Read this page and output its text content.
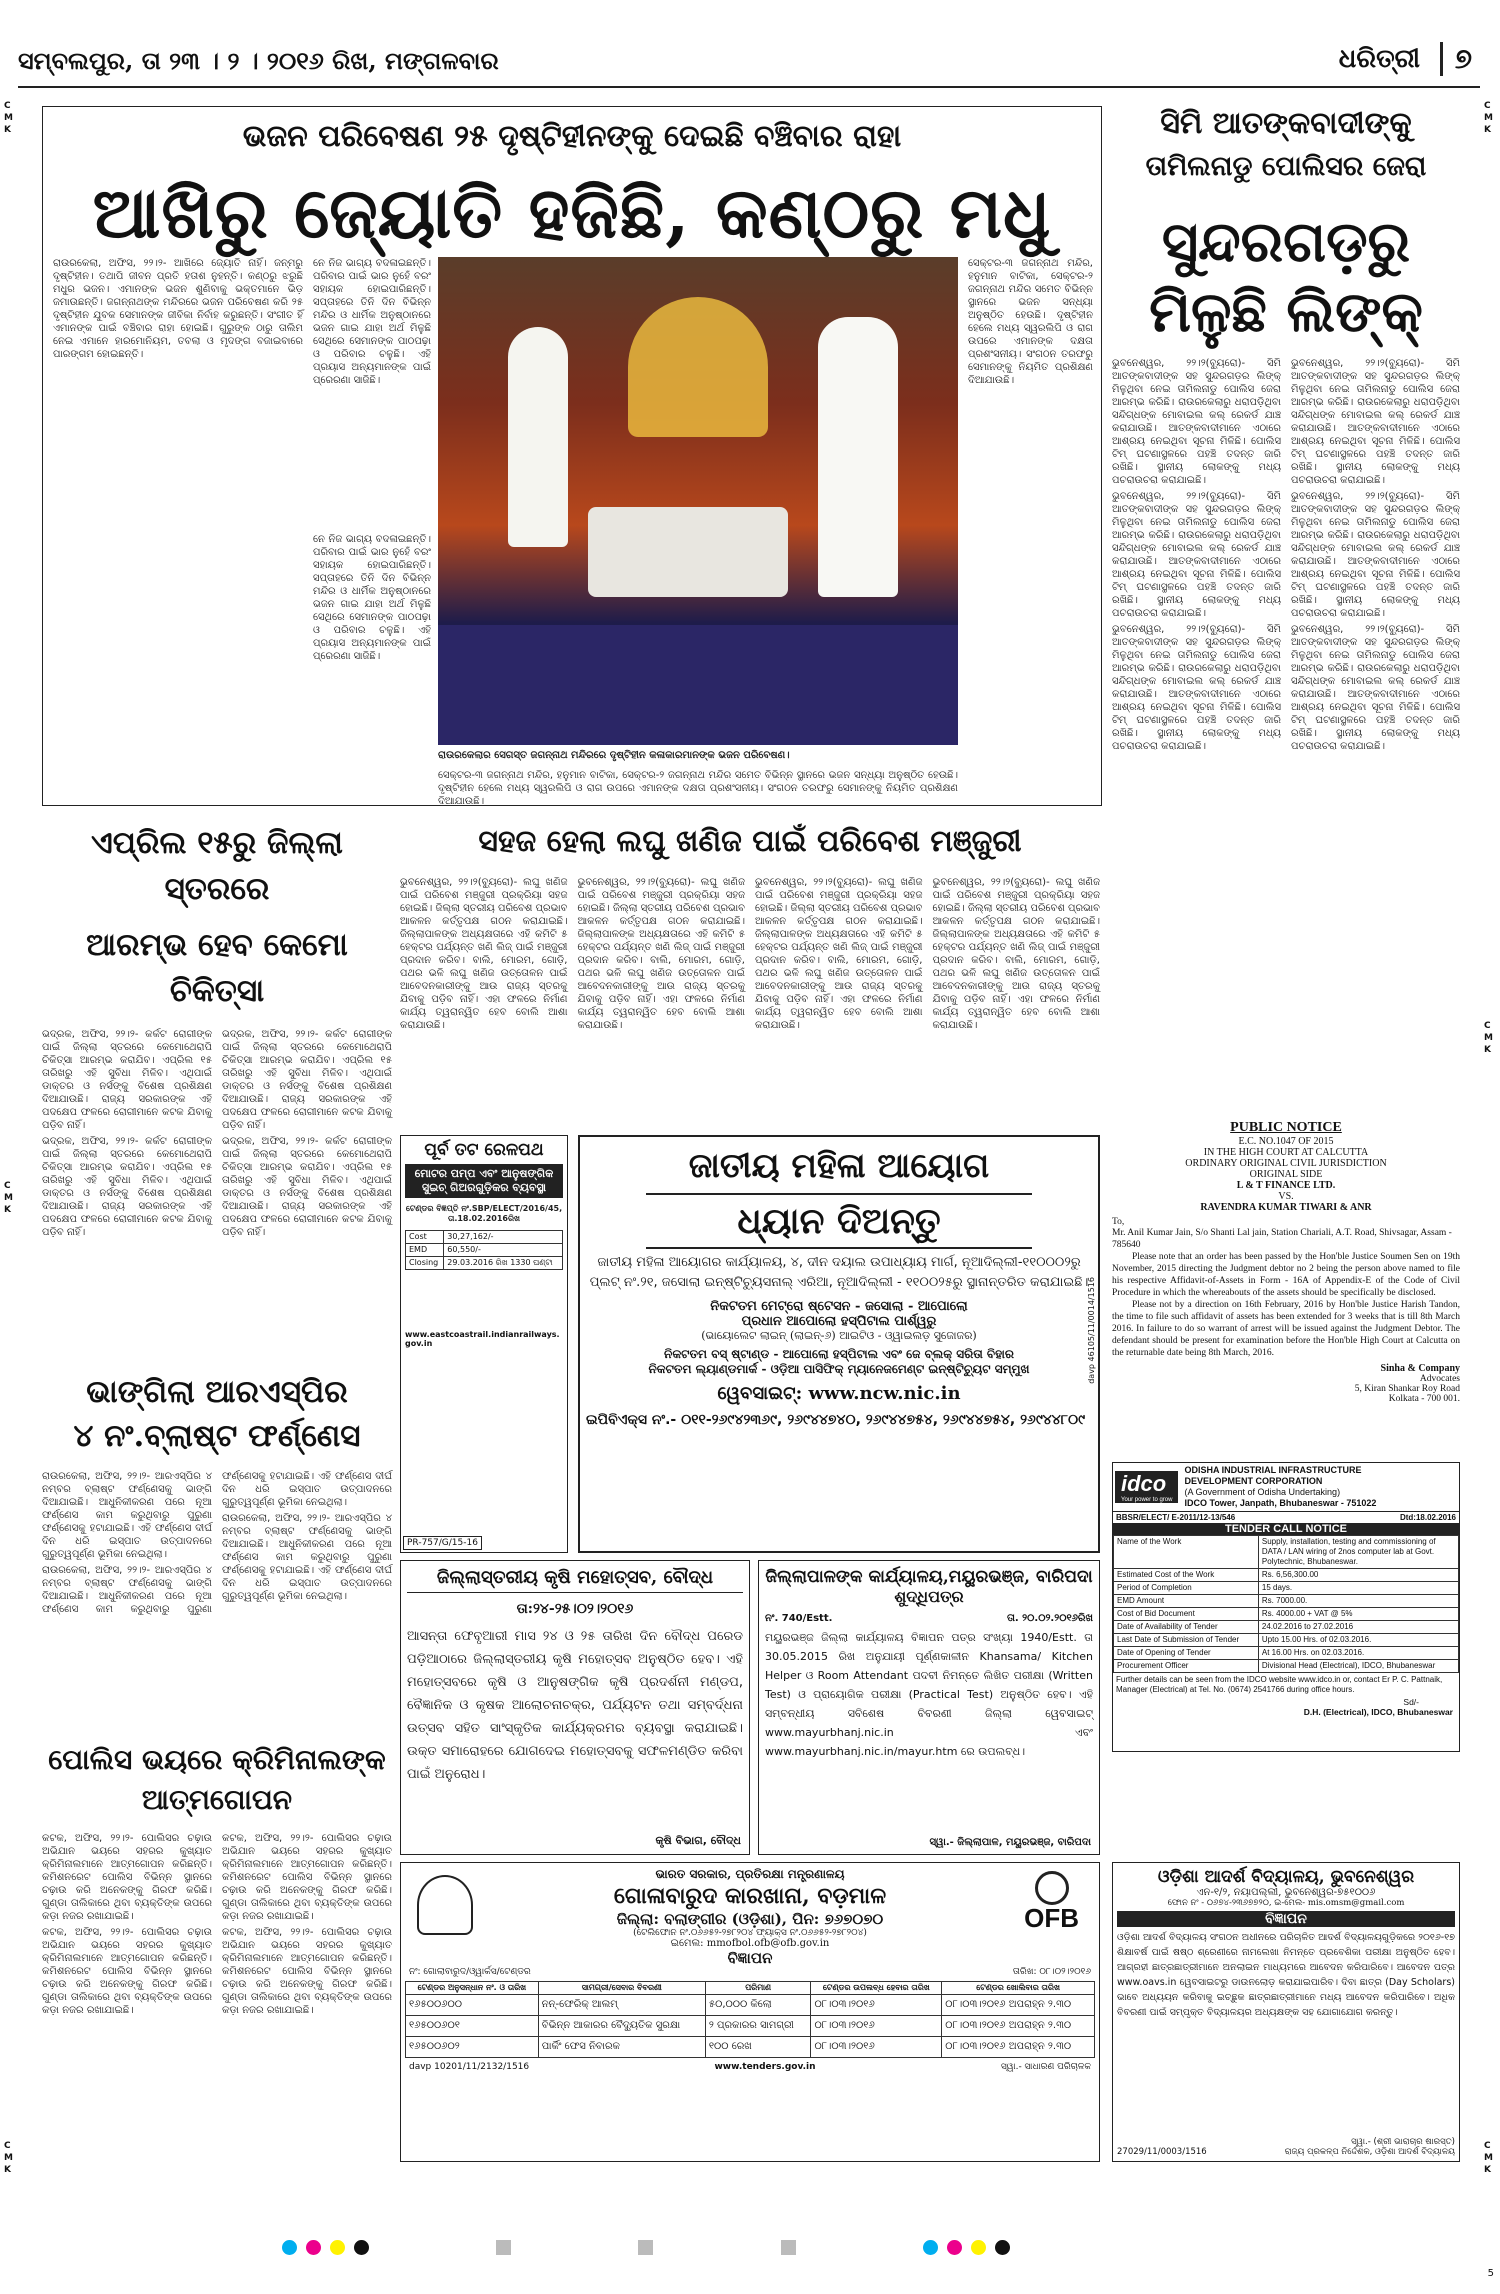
ସମ୍ବଲପୁର, ତା ୨୩ । ୨ । ୨୦୧୬ ରିଖ, ମଙ୍ଗଳବାର	ଧରିତ୍ରୀ	୭
ଭଜନ ପରିବେଷଣ ୨୫ ଦୃଷ୍ଟିହୀନଙ୍କୁ ଦେଇଛି ବଞ୍ଚିବାର ରାହା
ଆଖିରୁ ଜ୍ୟୋତି ହଜିଛି, କଣ୍ଠରୁ ମଧୁ

ରାଉରକେଲା, ଅଫିସ, ୨୨।୨- ଆଖିରେ ଜ୍ୟୋତି ନାହିଁ। ଜନ୍ମରୁ ଦୃଷ୍ଟିହୀନ। ତଥାପି ଜୀବନ ପ୍ରତି ହତାଶ ନୁହନ୍ତି। କଣ୍ଠରୁ ଝରୁଛି ମଧୁର ଭଜନ। ଏମାନଙ୍କ ଭଜନ ଶୁଣିବାକୁ ଭକ୍ତମାନେ ଭିଡ଼ ଜମାଉଛନ୍ତି। ଜଗନ୍ନାଥଙ୍କ ମନ୍ଦିରରେ ଭଜନ ପରିବେଷଣ କରି ୨୫ ଦୃଷ୍ଟିହୀନ ଯୁବକ ସେମାନଙ୍କ ଜୀବିକା ନିର୍ବାହ କରୁଛନ୍ତି। ସଂଗୀତ ହିଁ ଏମାନଙ୍କ ପାଇଁ ବଞ୍ଚିବାର ରାହା ହୋଇଛି। ଗୁରୁଙ୍କ ଠାରୁ ତାଲିମ ନେଇ ଏମାନେ ହାରମୋନିୟମ, ତବଲା ଓ ମୃଦଙ୍ଗ ବଜାଇବାରେ ପାରଙ୍ଗମ ହୋଇଛନ୍ତି।

ନେ ନିଜ ଭାଗ୍ୟ ବଦଳାଇଛନ୍ତି। ପରିବାର ପାଇଁ ଭାର ନୁହେଁ ବରଂ ସହାୟକ ହୋଇପାରିଛନ୍ତି। ସପ୍ତାହରେ ତିନି ଦିନ ବିଭିନ୍ନ ମନ୍ଦିର ଓ ଧାର୍ମିକ ଅନୁଷ୍ଠାନରେ ଭଜନ ଗାଇ ଯାହା ଅର୍ଥ ମିଳୁଛି ସେଥିରେ ସେମାନଙ୍କ ପାଠପଢ଼ା ଓ ପରିବାର ଚଳୁଛି। ଏହି ପ୍ରୟାସ ଅନ୍ୟମାନଙ୍କ ପାଇଁ ପ୍ରେରଣା ସାଜିଛି।

ରାଉରକେଲାର ସେଗସ୍ତ ଜଗନ୍ନାଥ ମନ୍ଦିରରେ ଦୃଷ୍ଟିହୀନ କଳାକାରମାନଙ୍କ ଭଜନ ପରିବେଷଣ।

ନେ ନିଜ ଭାଗ୍ୟ ବଦଳାଇଛନ୍ତି। ପରିବାର ପାଇଁ ଭାର ନୁହେଁ ବରଂ ସହାୟକ ହୋଇପାରିଛନ୍ତି। ସପ୍ତାହରେ ତିନି ଦିନ ବିଭିନ୍ନ ମନ୍ଦିର ଓ ଧାର୍ମିକ ଅନୁଷ୍ଠାନରେ ଭଜନ ଗାଇ ଯାହା ଅର୍ଥ ମିଳୁଛି ସେଥିରେ ସେମାନଙ୍କ ପାଠପଢ଼ା ଓ ପରିବାର ଚଳୁଛି। ଏହି ପ୍ରୟାସ ଅନ୍ୟମାନଙ୍କ ପାଇଁ ପ୍ରେରଣା ସାଜିଛି।

ସେକ୍ଟର-୩ ଜଗନ୍ନାଥ ମନ୍ଦିର, ହନୁମାନ ବାଟିକା, ସେକ୍ଟର-୨ ଜଗନ୍ନାଥ ମନ୍ଦିର ସମେତ ବିଭିନ୍ନ ସ୍ଥାନରେ ଭଜନ ସନ୍ଧ୍ୟା ଅନୁଷ୍ଠିତ ହେଉଛି। ଦୃଷ୍ଟିହୀନ ହେଲେ ମଧ୍ୟ ସ୍ୱରଲିପି ଓ ରାଗ ଉପରେ ଏମାନଙ୍କ ଦକ୍ଷତା ପ୍ରଶଂସନୀୟ। ସଂଗଠନ ତରଫରୁ ସେମାନଙ୍କୁ ନିୟମିତ ପ୍ରଶିକ୍ଷଣ ଦିଆଯାଉଛି।

ସେକ୍ଟର-୩ ଜଗନ୍ନାଥ ମନ୍ଦିର, ହନୁମାନ ବାଟିକା, ସେକ୍ଟର-୨ ଜଗନ୍ନାଥ ମନ୍ଦିର ସମେତ ବିଭିନ୍ନ ସ୍ଥାନରେ ଭଜନ ସନ୍ଧ୍ୟା ଅନୁଷ୍ଠିତ ହେଉଛି। ଦୃଷ୍ଟିହୀନ ହେଲେ ମଧ୍ୟ ସ୍ୱରଲିପି ଓ ରାଗ ଉପରେ ଏମାନଙ୍କ ଦକ୍ଷତା ପ୍ରଶଂସନୀୟ। ସଂଗଠନ ତରଫରୁ ସେମାନଙ୍କୁ ନିୟମିତ ପ୍ରଶିକ୍ଷଣ ଦିଆଯାଉଛି।

ସିମି ଆତଙ୍କବାଦୀଙ୍କୁ
ତାମିଲନାଡୁ ପୋଲିସର ଜେରା
ସୁନ୍ଦରଗଡ଼ରୁ
ମିଳୁଛି ଲିଙ୍କ୍

ଭୁବନେଶ୍ୱର, ୨୨।୨(ବ୍ୟୁରୋ)- ସିମି ଆତଙ୍କବାଦୀଙ୍କ ସହ ସୁନ୍ଦରଗଡ଼ର ଲିଙ୍କ୍ ମିଳୁଥିବା ନେଇ ତାମିଲନାଡୁ ପୋଲିସ ଜେରା ଆରମ୍ଭ କରିଛି। ରାଉରକେଲାରୁ ଧରାପଡ଼ିଥିବା ସନ୍ଦିଗ୍ଧଙ୍କ ମୋବାଇଲ କଲ୍ ରେକର୍ଡ ଯାଞ୍ଚ କରାଯାଉଛି। ଆତଙ୍କବାଦୀମାନେ ଏଠାରେ ଆଶ୍ରୟ ନେଇଥିବା ସୂଚନା ମିଳିଛି। ପୋଲିସ ଟିମ୍ ଘଟଣାସ୍ଥଳରେ ପହଞ୍ଚି ତଦନ୍ତ ଜାରି ରଖିଛି। ସ୍ଥାନୀୟ ଲୋକଙ୍କୁ ମଧ୍ୟ ପଚରାଉଚରା କରାଯାଇଛି।

ଭୁବନେଶ୍ୱର, ୨୨।୨(ବ୍ୟୁରୋ)- ସିମି ଆତଙ୍କବାଦୀଙ୍କ ସହ ସୁନ୍ଦରଗଡ଼ର ଲିଙ୍କ୍ ମିଳୁଥିବା ନେଇ ତାମିଲନାଡୁ ପୋଲିସ ଜେରା ଆରମ୍ଭ କରିଛି। ରାଉରକେଲାରୁ ଧରାପଡ଼ିଥିବା ସନ୍ଦିଗ୍ଧଙ୍କ ମୋବାଇଲ କଲ୍ ରେକର୍ଡ ଯାଞ୍ଚ କରାଯାଉଛି। ଆତଙ୍କବାଦୀମାନେ ଏଠାରେ ଆଶ୍ରୟ ନେଇଥିବା ସୂଚନା ମିଳିଛି। ପୋଲିସ ଟିମ୍ ଘଟଣାସ୍ଥଳରେ ପହଞ୍ଚି ତଦନ୍ତ ଜାରି ରଖିଛି। ସ୍ଥାନୀୟ ଲୋକଙ୍କୁ ମଧ୍ୟ ପଚରାଉଚରା କରାଯାଇଛି।

ଭୁବନେଶ୍ୱର, ୨୨।୨(ବ୍ୟୁରୋ)- ସିମି ଆତଙ୍କବାଦୀଙ୍କ ସହ ସୁନ୍ଦରଗଡ଼ର ଲିଙ୍କ୍ ମିଳୁଥିବା ନେଇ ତାମିଲନାଡୁ ପୋଲିସ ଜେରା ଆରମ୍ଭ କରିଛି। ରାଉରକେଲାରୁ ଧରାପଡ଼ିଥିବା ସନ୍ଦିଗ୍ଧଙ୍କ ମୋବାଇଲ କଲ୍ ରେକର୍ଡ ଯାଞ୍ଚ କରାଯାଉଛି। ଆତଙ୍କବାଦୀମାନେ ଏଠାରେ ଆଶ୍ରୟ ନେଇଥିବା ସୂଚନା ମିଳିଛି। ପୋଲିସ ଟିମ୍ ଘଟଣାସ୍ଥଳରେ ପହଞ୍ଚି ତଦନ୍ତ ଜାରି ରଖିଛି। ସ୍ଥାନୀୟ ଲୋକଙ୍କୁ ମଧ୍ୟ ପଚରାଉଚରା କରାଯାଇଛି।

ଭୁବନେଶ୍ୱର, ୨୨।୨(ବ୍ୟୁରୋ)- ସିମି ଆତଙ୍କବାଦୀଙ୍କ ସହ ସୁନ୍ଦରଗଡ଼ର ଲିଙ୍କ୍ ମିଳୁଥିବା ନେଇ ତାମିଲନାଡୁ ପୋଲିସ ଜେରା ଆରମ୍ଭ କରିଛି। ରାଉରକେଲାରୁ ଧରାପଡ଼ିଥିବା ସନ୍ଦିଗ୍ଧଙ୍କ ମୋବାଇଲ କଲ୍ ରେକର୍ଡ ଯାଞ୍ଚ କରାଯାଉଛି। ଆତଙ୍କବାଦୀମାନେ ଏଠାରେ ଆଶ୍ରୟ ନେଇଥିବା ସୂଚନା ମିଳିଛି। ପୋଲିସ ଟିମ୍ ଘଟଣାସ୍ଥଳରେ ପହଞ୍ଚି ତଦନ୍ତ ଜାରି ରଖିଛି। ସ୍ଥାନୀୟ ଲୋକଙ୍କୁ ମଧ୍ୟ ପଚରାଉଚରା କରାଯାଇଛି।

ଭୁବନେଶ୍ୱର, ୨୨।୨(ବ୍ୟୁରୋ)- ସିମି ଆତଙ୍କବାଦୀଙ୍କ ସହ ସୁନ୍ଦରଗଡ଼ର ଲିଙ୍କ୍ ମିଳୁଥିବା ନେଇ ତାମିଲନାଡୁ ପୋଲିସ ଜେରା ଆରମ୍ଭ କରିଛି। ରାଉରକେଲାରୁ ଧରାପଡ଼ିଥିବା ସନ୍ଦିଗ୍ଧଙ୍କ ମୋବାଇଲ କଲ୍ ରେକର୍ଡ ଯାଞ୍ଚ କରାଯାଉଛି। ଆତଙ୍କବାଦୀମାନେ ଏଠାରେ ଆଶ୍ରୟ ନେଇଥିବା ସୂଚନା ମିଳିଛି। ପୋଲିସ ଟିମ୍ ଘଟଣାସ୍ଥଳରେ ପହଞ୍ଚି ତଦନ୍ତ ଜାରି ରଖିଛି। ସ୍ଥାନୀୟ ଲୋକଙ୍କୁ ମଧ୍ୟ ପଚରାଉଚରା କରାଯାଇଛି।

ଭୁବନେଶ୍ୱର, ୨୨।୨(ବ୍ୟୁରୋ)- ସିମି ଆତଙ୍କବାଦୀଙ୍କ ସହ ସୁନ୍ଦରଗଡ଼ର ଲିଙ୍କ୍ ମିଳୁଥିବା ନେଇ ତାମିଲନାଡୁ ପୋଲିସ ଜେରା ଆରମ୍ଭ କରିଛି। ରାଉରକେଲାରୁ ଧରାପଡ଼ିଥିବା ସନ୍ଦିଗ୍ଧଙ୍କ ମୋବାଇଲ କଲ୍ ରେକର୍ଡ ଯାଞ୍ଚ କରାଯାଉଛି। ଆତଙ୍କବାଦୀମାନେ ଏଠାରେ ଆଶ୍ରୟ ନେଇଥିବା ସୂଚନା ମିଳିଛି। ପୋଲିସ ଟିମ୍ ଘଟଣାସ୍ଥଳରେ ପହଞ୍ଚି ତଦନ୍ତ ଜାରି ରଖିଛି। ସ୍ଥାନୀୟ ଲୋକଙ୍କୁ ମଧ୍ୟ ପଚରାଉଚରା କରାଯାଇଛି।

ଏପ୍ରିଲ ୧୫ରୁ ଜିଲ୍ଲା ସ୍ତରରେ
ଆରମ୍ଭ ହେବ କେମୋ ଚିକିତ୍ସା

ଭଦ୍ରକ, ଅଫିସ, ୨୨।୨- କର୍କଟ ରୋଗୀଙ୍କ ପାଇଁ ଜିଲ୍ଲା ସ୍ତରରେ କେମୋଥେରାପି ଚିକିତ୍ସା ଆରମ୍ଭ କରାଯିବ। ଏପ୍ରିଲ ୧୫ ତାରିଖରୁ ଏହି ସୁବିଧା ମିଳିବ। ଏଥିପାଇଁ ଡାକ୍ତର ଓ ନର୍ସଙ୍କୁ ବିଶେଷ ପ୍ରଶିକ୍ଷଣ ଦିଆଯାଉଛି। ରାଜ୍ୟ ସରକାରଙ୍କ ଏହି ପଦକ୍ଷେପ ଫଳରେ ରୋଗୀମାନେ କଟକ ଯିବାକୁ ପଡ଼ିବ ନାହିଁ।

ଭଦ୍ରକ, ଅଫିସ, ୨୨।୨- କର୍କଟ ରୋଗୀଙ୍କ ପାଇଁ ଜିଲ୍ଲା ସ୍ତରରେ କେମୋଥେରାପି ଚିକିତ୍ସା ଆରମ୍ଭ କରାଯିବ। ଏପ୍ରିଲ ୧୫ ତାରିଖରୁ ଏହି ସୁବିଧା ମିଳିବ। ଏଥିପାଇଁ ଡାକ୍ତର ଓ ନର୍ସଙ୍କୁ ବିଶେଷ ପ୍ରଶିକ୍ଷଣ ଦିଆଯାଉଛି। ରାଜ୍ୟ ସରକାରଙ୍କ ଏହି ପଦକ୍ଷେପ ଫଳରେ ରୋଗୀମାନେ କଟକ ଯିବାକୁ ପଡ଼ିବ ନାହିଁ।

ଭଦ୍ରକ, ଅଫିସ, ୨୨।୨- କର୍କଟ ରୋଗୀଙ୍କ ପାଇଁ ଜିଲ୍ଲା ସ୍ତରରେ କେମୋଥେରାପି ଚିକିତ୍ସା ଆରମ୍ଭ କରାଯିବ। ଏପ୍ରିଲ ୧୫ ତାରିଖରୁ ଏହି ସୁବିଧା ମିଳିବ। ଏଥିପାଇଁ ଡାକ୍ତର ଓ ନର୍ସଙ୍କୁ ବିଶେଷ ପ୍ରଶିକ୍ଷଣ ଦିଆଯାଉଛି। ରାଜ୍ୟ ସରକାରଙ୍କ ଏହି ପଦକ୍ଷେପ ଫଳରେ ରୋଗୀମାନେ କଟକ ଯିବାକୁ ପଡ଼ିବ ନାହିଁ।

ଭଦ୍ରକ, ଅଫିସ, ୨୨।୨- କର୍କଟ ରୋଗୀଙ୍କ ପାଇଁ ଜିଲ୍ଲା ସ୍ତରରେ କେମୋଥେରାପି ଚିକିତ୍ସା ଆରମ୍ଭ କରାଯିବ। ଏପ୍ରିଲ ୧୫ ତାରିଖରୁ ଏହି ସୁବିଧା ମିଳିବ। ଏଥିପାଇଁ ଡାକ୍ତର ଓ ନର୍ସଙ୍କୁ ବିଶେଷ ପ୍ରଶିକ୍ଷଣ ଦିଆଯାଉଛି। ରାଜ୍ୟ ସରକାରଙ୍କ ଏହି ପଦକ୍ଷେପ ଫଳରେ ରୋଗୀମାନେ କଟକ ଯିବାକୁ ପଡ଼ିବ ନାହିଁ।

ସହଜ ହେଲା ଲଘୁ ଖଣିଜ ପାଇଁ ପରିବେଶ ମଞ୍ଜୁରୀ

ଭୁବନେଶ୍ୱର, ୨୨।୨(ବ୍ୟୁରୋ)- ଲଘୁ ଖଣିଜ ପାଇଁ ପରିବେଶ ମଞ୍ଜୁରୀ ପ୍ରକ୍ରିୟା ସହଜ ହୋଇଛି। ଜିଲ୍ଲା ସ୍ତରୀୟ ପରିବେଶ ପ୍ରଭାବ ଆକଳନ କର୍ତ୍ତୃପକ୍ଷ ଗଠନ କରାଯାଇଛି। ଜିଲ୍ଲାପାଳଙ୍କ ଅଧ୍ୟକ୍ଷତାରେ ଏହି କମିଟି ୫ ହେକ୍ଟର ପର୍ଯ୍ୟନ୍ତ ଖଣି ଲିଜ୍ ପାଇଁ ମଞ୍ଜୁରୀ ପ୍ରଦାନ କରିବ। ବାଲି, ମୋରମ, ଗୋଡ଼ି, ପଥର ଭଳି ଲଘୁ ଖଣିଜ ଉତ୍ତୋଳନ ପାଇଁ ଆବେଦନକାରୀଙ୍କୁ ଆଉ ରାଜ୍ୟ ସ୍ତରକୁ ଯିବାକୁ ପଡ଼ିବ ନାହିଁ। ଏହା ଫଳରେ ନିର୍ମାଣ କାର୍ଯ୍ୟ ତ୍ୱରାନ୍ୱିତ ହେବ ବୋଲି ଆଶା କରାଯାଉଛି।

ଭୁବନେଶ୍ୱର, ୨୨।୨(ବ୍ୟୁରୋ)- ଲଘୁ ଖଣିଜ ପାଇଁ ପରିବେଶ ମଞ୍ଜୁରୀ ପ୍ରକ୍ରିୟା ସହଜ ହୋଇଛି। ଜିଲ୍ଲା ସ୍ତରୀୟ ପରିବେଶ ପ୍ରଭାବ ଆକଳନ କର୍ତ୍ତୃପକ୍ଷ ଗଠନ କରାଯାଇଛି। ଜିଲ୍ଲାପାଳଙ୍କ ଅଧ୍ୟକ୍ଷତାରେ ଏହି କମିଟି ୫ ହେକ୍ଟର ପର୍ଯ୍ୟନ୍ତ ଖଣି ଲିଜ୍ ପାଇଁ ମଞ୍ଜୁରୀ ପ୍ରଦାନ କରିବ। ବାଲି, ମୋରମ, ଗୋଡ଼ି, ପଥର ଭଳି ଲଘୁ ଖଣିଜ ଉତ୍ତୋଳନ ପାଇଁ ଆବେଦନକାରୀଙ୍କୁ ଆଉ ରାଜ୍ୟ ସ୍ତରକୁ ଯିବାକୁ ପଡ଼ିବ ନାହିଁ। ଏହା ଫଳରେ ନିର୍ମାଣ କାର୍ଯ୍ୟ ତ୍ୱରାନ୍ୱିତ ହେବ ବୋଲି ଆଶା କରାଯାଉଛି।

ଭୁବନେଶ୍ୱର, ୨୨।୨(ବ୍ୟୁରୋ)- ଲଘୁ ଖଣିଜ ପାଇଁ ପରିବେଶ ମଞ୍ଜୁରୀ ପ୍ରକ୍ରିୟା ସହଜ ହୋଇଛି। ଜିଲ୍ଲା ସ୍ତରୀୟ ପରିବେଶ ପ୍ରଭାବ ଆକଳନ କର୍ତ୍ତୃପକ୍ଷ ଗଠନ କରାଯାଇଛି। ଜିଲ୍ଲାପାଳଙ୍କ ଅଧ୍ୟକ୍ଷତାରେ ଏହି କମିଟି ୫ ହେକ୍ଟର ପର୍ଯ୍ୟନ୍ତ ଖଣି ଲିଜ୍ ପାଇଁ ମଞ୍ଜୁରୀ ପ୍ରଦାନ କରିବ। ବାଲି, ମୋରମ, ଗୋଡ଼ି, ପଥର ଭଳି ଲଘୁ ଖଣିଜ ଉତ୍ତୋଳନ ପାଇଁ ଆବେଦନକାରୀଙ୍କୁ ଆଉ ରାଜ୍ୟ ସ୍ତରକୁ ଯିବାକୁ ପଡ଼ିବ ନାହିଁ। ଏହା ଫଳରେ ନିର୍ମାଣ କାର୍ଯ୍ୟ ତ୍ୱରାନ୍ୱିତ ହେବ ବୋଲି ଆଶା କରାଯାଉଛି।

ଭୁବନେଶ୍ୱର, ୨୨।୨(ବ୍ୟୁରୋ)- ଲଘୁ ଖଣିଜ ପାଇଁ ପରିବେଶ ମଞ୍ଜୁରୀ ପ୍ରକ୍ରିୟା ସହଜ ହୋଇଛି। ଜିଲ୍ଲା ସ୍ତରୀୟ ପରିବେଶ ପ୍ରଭାବ ଆକଳନ କର୍ତ୍ତୃପକ୍ଷ ଗଠନ କରାଯାଇଛି। ଜିଲ୍ଲାପାଳଙ୍କ ଅଧ୍ୟକ୍ଷତାରେ ଏହି କମିଟି ୫ ହେକ୍ଟର ପର୍ଯ୍ୟନ୍ତ ଖଣି ଲିଜ୍ ପାଇଁ ମଞ୍ଜୁରୀ ପ୍ରଦାନ କରିବ। ବାଲି, ମୋରମ, ଗୋଡ଼ି, ପଥର ଭଳି ଲଘୁ ଖଣିଜ ଉତ୍ତୋଳନ ପାଇଁ ଆବେଦନକାରୀଙ୍କୁ ଆଉ ରାଜ୍ୟ ସ୍ତରକୁ ଯିବାକୁ ପଡ଼ିବ ନାହିଁ। ଏହା ଫଳରେ ନିର୍ମାଣ କାର୍ଯ୍ୟ ତ୍ୱରାନ୍ୱିତ ହେବ ବୋଲି ଆଶା କରାଯାଉଛି।

ପୂର୍ବ ତଟ ରେଳପଥ
ମୋଟର ପମ୍ପ ଏବଂ ଆନୁଷଙ୍ଗିକ ସୁଇଚ୍ ଗିଅରଗୁଡ଼ିକର ବ୍ୟବସ୍ଥା
ଟେଣ୍ଡର ବିଜ୍ଞପ୍ତି ନଂ.SBP/ELECT/2016/45, ତା.18.02.2016ରିଖ
Cost	30,27,162/-
EMD	60,550/-
Closing	29.03.2016 ରିଖ 1330 ଘଣ୍ଟା
www.eastcoastrail.indianrailways.gov.in
PR-757/G/15-16
ଜାତୀୟ ମହିଳା ଆୟୋଗ
ଧ୍ୟାନ ଦିଅନ୍ତୁ
ଜାତୀୟ ମହିଳା ଆୟୋଗର କାର୍ଯ୍ୟାଳୟ, ୪, ଦୀନ ଦୟାଲ ଉପାଧ୍ୟାୟ ମାର୍ଗ, ନୂଆଦିଲ୍ଲୀ-୧୧୦୦୦୨ରୁ ପ୍ଲଟ୍ ନଂ.୨୧, ଜସୋଲା ଇନ୍‌ଷ୍ଟିଚ୍ୟୁସନାଲ୍ ଏରିଆ, ନୂଆଦିଲ୍ଲୀ - ୧୧୦୦୨୫ରୁ ସ୍ଥାନାନ୍ତରିତ କରାଯାଇଛି।
ନିକଟତମ ମେଟ୍ରୋ ଷ୍ଟେସନ - ଜସୋଲା - ଆପୋଲୋ
ପ୍ରଧାନ ଆପୋଲୋ ହସ୍ପିଟାଲ ପାର୍ଶ୍ୱରୁ
(ଭାୟୋଲେଟ ଲାଇନ୍ (ଲାଇନ୍-୬) ଆଇଟିଓ - ଓ୍ୱାଇଲଡ଼ ସୁଜୋଜର)
ନିକଟତମ ବସ୍ ଷ୍ଟାଣ୍ଡ - ଆପୋଲୋ ହସ୍ପିଟାଲ ଏବଂ ଜେ ବ୍ଲକ୍ ସରିତା ବିହାର
ନିକଟତମ ଲ୍ୟାଣ୍ଡମାର୍କ - ଓଡ଼ିଆ ପାସିଫିକ୍ ମ୍ୟାନେଜମେଣ୍ଟ ଇନ୍‌ଷ୍ଟିଚ୍ୟୁଟ ସମ୍ମୁଖ
ୱେବସାଇଟ୍: www.ncw.nic.in
ଇପିବିଏକ୍ସ ନଂ.- ୦୧୧-୨୬୯୪୨୩୬୯, ୨୬୯୪୪୭୪୦, ୨୬୯୪୪୭୫୪, ୨୬୯୪୪୭୫୪, ୨୬୯୪୪୮୦୯
davp 46105/11/0014/1516
PUBLIC NOTICE
E.C. NO.1047 OF 2015
IN THE HIGH COURT AT CALCUTTA
ORDINARY ORIGINAL CIVIL JURISDICTION
ORIGINAL SIDE
L & T FINANCE LTD.
VS.
RAVENDRA KUMAR TIWARI & ANR
To,
Mr. Anil Kumar Jain, S/o Shanti Lal jain, Station Chariali, A.T. Road, Shivsagar, Assam - 785640
Please note that an order has been passed by the Hon'ble Justice Soumen Sen on 19th November, 2015 directing the Judgment debtor no 2 being the person above named to file his respective Affidavit-of-Assets in Form - 16A of Appendix-E of the Code of Civil Procedure in which the whereabouts of the assets should be specifically be disclosed.
Please not by a direction on 16th February, 2016 by Hon'ble Justice Harish Tandon, the time to file such affidavit of assets has been extended for 3 weeks that is till 8th March 2016. In failure to do so warrant of arrest will be issued against the Judgment Debtor. The defendant should be present for examination before the Hon'ble High Court at Calcutta on the returnable date being 8th March, 2016.
Sinha & Company
Advocates
5, Kiran Shankar Roy Road
Kolkata - 700 001.
idco
Your power to grow
ODISHA INDUSTRIAL INFRASTRUCTURE
DEVELOPMENT CORPORATION
(A Government of Odisha Undertaking)
IDCO Tower, Janpath, Bhubaneswar - 751022
BBSR/ELECT/ E-2011/12-13/546	Dtd:18.02.2016
TENDER CALL NOTICE
Name of the Work	Supply, installation, testing and commissioning of DATA / LAN wiring of 2nos computer lab at Govt. Polytechnic, Bhubaneswar.
Estimated Cost of the Work	Rs. 6,56,300.00
Period of Completion	15 days.
EMD Amount	Rs. 7000.00.
Cost of Bid Document	Rs. 4000.00 + VAT @ 5%
Date of Availability of Tender	24.02.2016 to 27.02.2016
Last Date of Submission of Tender	Upto 15.00 Hrs. of 02.03.2016.
Date of Opening of Tender	At 16.00 Hrs. on 02.03.2016.
Procurement Officer	Divisional Head (Electrical), IDCO, Bhubaneswar
Further details can be seen from the IDCO website www.idco.in or, contact Er P. C. Pattnaik, Manager (Electrical) at Tel. No. (0674) 2541766 during office hours.
Sd/-
D.H. (Electrical), IDCO, Bhubaneswar
ଭାଙ୍ଗିଲା ଆରଏସ୍‌ପିର
୪ ନଂ.ବ୍ଲାଷ୍ଟ ଫର୍ଣ୍ଣେସ

ରାଉରକେଲା, ଅଫିସ, ୨୨।୨- ଆରଏସ୍‌ପିର ୪ ନମ୍ବର ବ୍ଲାଷ୍ଟ ଫର୍ଣ୍ଣେସକୁ ଭାଙ୍ଗି ଦିଆଯାଇଛି। ଆଧୁନିକୀକରଣ ପରେ ନୂଆ ଫର୍ଣ୍ଣେସ କାମ କରୁଥିବାରୁ ପୁରୁଣା ଫର୍ଣ୍ଣେସକୁ ହଟାଯାଇଛି। ଏହି ଫର୍ଣ୍ଣେସ ଦୀର୍ଘ ଦିନ ଧରି ଇସ୍ପାତ ଉତ୍ପାଦନରେ ଗୁରୁତ୍ୱପୂର୍ଣ୍ଣ ଭୂମିକା ନେଇଥିଲା।

ରାଉରକେଲା, ଅଫିସ, ୨୨।୨- ଆରଏସ୍‌ପିର ୪ ନମ୍ବର ବ୍ଲାଷ୍ଟ ଫର୍ଣ୍ଣେସକୁ ଭାଙ୍ଗି ଦିଆଯାଇଛି। ଆଧୁନିକୀକରଣ ପରେ ନୂଆ ଫର୍ଣ୍ଣେସ କାମ କରୁଥିବାରୁ ପୁରୁଣା ଫର୍ଣ୍ଣେସକୁ ହଟାଯାଇଛି। ଏହି ଫର୍ଣ୍ଣେସ ଦୀର୍ଘ ଦିନ ଧରି ଇସ୍ପାତ ଉତ୍ପାଦନରେ ଗୁରୁତ୍ୱପୂର୍ଣ୍ଣ ଭୂମିକା ନେଇଥିଲା।

ରାଉରକେଲା, ଅଫିସ, ୨୨।୨- ଆରଏସ୍‌ପିର ୪ ନମ୍ବର ବ୍ଲାଷ୍ଟ ଫର୍ଣ୍ଣେସକୁ ଭାଙ୍ଗି ଦିଆଯାଇଛି। ଆଧୁନିକୀକରଣ ପରେ ନୂଆ ଫର୍ଣ୍ଣେସ କାମ କରୁଥିବାରୁ ପୁରୁଣା ଫର୍ଣ୍ଣେସକୁ ହଟାଯାଇଛି। ଏହି ଫର୍ଣ୍ଣେସ ଦୀର୍ଘ ଦିନ ଧରି ଇସ୍ପାତ ଉତ୍ପାଦନରେ ଗୁରୁତ୍ୱପୂର୍ଣ୍ଣ ଭୂମିକା ନେଇଥିଲା।

ଜିଲ୍ଲାସ୍ତରୀୟ କୃଷି ମହୋତ୍ସବ, ବୌଦ୍ଧ
ତା:୨୪-୨୫।୦୨।୨୦୧୬
ଆସନ୍ତା ଫେବୃଆରୀ ମାସ ୨୪ ଓ ୨୫ ତାରିଖ ଦିନ ବୌଦ୍ଧ ପରେଡ ପଡ଼ିଆଠାରେ ଜିଲ୍ଲାସ୍ତରୀୟ କୃଷି ମହୋତ୍ସବ ଅନୁଷ୍ଠିତ ହେବ। ଏହି ମହୋତ୍ସବରେ କୃଷି ଓ ଆନୁଷଙ୍ଗିକ କୃଷି ପ୍ରଦର୍ଶନୀ ମଣ୍ଡପ, ବୈଜ୍ଞାନିକ ଓ କୃଷକ ଆଲୋଚନାଚକ୍ର, ପର୍ଯ୍ୟଟନ ତଥା ସମ୍ବର୍ଦ୍ଧନା ଉତ୍ସବ ସହିତ ସାଂସ୍କୃତିକ କାର୍ଯ୍ୟକ୍ରମର ବ୍ୟବସ୍ଥା କରାଯାଇଛି। ଉକ୍ତ ସମାରୋହରେ ଯୋଗଦେଇ ମହୋତ୍ସବକୁ ସଫଳମଣ୍ଡିତ କରିବା ପାଇଁ ଅନୁରୋଧ।
କୃଷି ବିଭାଗ, ବୌଦ୍ଧ
ଜିଲ୍ଲାପାଳଙ୍କ କାର୍ଯ୍ୟାଳୟ,ମୟୁରଭଞ୍ଜ, ବାରିପଦା
ଶୁଦ୍ଧିପତ୍ର
ନଂ. 740/Estt.	ତା. ୨୦.୦୨.୨୦୧୬ରିଖ
ମୟୁରଭଞ୍ଜ ଜିଲ୍ଲା କାର୍ଯ୍ୟାଳୟ ବିଜ୍ଞାପନ ପତ୍ର ସଂଖ୍ୟା 1940/Estt. ତା 30.05.2015 ରିଖ ଅନୁଯାୟୀ ପୂର୍ଣ୍ଣକାଳୀନ Khansama/ Kitchen Helper ଓ Room Attendant ପଦବୀ ନିମନ୍ତେ ଲିଖିତ ପରୀକ୍ଷା (Written Test) ଓ ପ୍ରାୟୋଗିକ ପରୀକ୍ଷା (Practical Test) ଅନୁଷ୍ଠିତ ହେବ। ଏହି ସମ୍ବନ୍ଧୀୟ ସବିଶେଷ ବିବରଣୀ ଜିଲ୍ଲା ୱେବସାଇଟ୍ www.mayurbhanj.nic.in ଏବଂ www.mayurbhanj.nic.in/mayur.htm ରେ ଉପଲବ୍ଧ।
ସ୍ୱା.- ଜିଲ୍ଲାପାଳ, ମୟୁରଭଞ୍ଜ, ବାରିପଦା
ପୋଲିସ ଭୟରେ କ୍ରିମିନାଲଙ୍କ ଆତ୍ମଗୋପନ

କଟକ, ଅଫିସ, ୨୨।୨- ପୋଲିସର ଚଢ଼ାଉ ଅଭିଯାନ ଭୟରେ ସହରର କୁଖ୍ୟାତ କ୍ରିମିନାଲମାନେ ଆତ୍ମଗୋପନ କରିଛନ୍ତି। କମିଶନରେଟ ପୋଲିସ ବିଭିନ୍ନ ସ୍ଥାନରେ ଚଢ଼ାଉ କରି ଅନେକଙ୍କୁ ଗିରଫ କରିଛି। ଗୁଣ୍ଡା ତାଲିକାରେ ଥିବା ବ୍ୟକ୍ତିଙ୍କ ଉପରେ କଡ଼ା ନଜର ରଖାଯାଇଛି।

କଟକ, ଅଫିସ, ୨୨।୨- ପୋଲିସର ଚଢ଼ାଉ ଅଭିଯାନ ଭୟରେ ସହରର କୁଖ୍ୟାତ କ୍ରିମିନାଲମାନେ ଆତ୍ମଗୋପନ କରିଛନ୍ତି। କମିଶନରେଟ ପୋଲିସ ବିଭିନ୍ନ ସ୍ଥାନରେ ଚଢ଼ାଉ କରି ଅନେକଙ୍କୁ ଗିରଫ କରିଛି। ଗୁଣ୍ଡା ତାଲିକାରେ ଥିବା ବ୍ୟକ୍ତିଙ୍କ ଉପରେ କଡ଼ା ନଜର ରଖାଯାଇଛି।

କଟକ, ଅଫିସ, ୨୨।୨- ପୋଲିସର ଚଢ଼ାଉ ଅଭିଯାନ ଭୟରେ ସହରର କୁଖ୍ୟାତ କ୍ରିମିନାଲମାନେ ଆତ୍ମଗୋପନ କରିଛନ୍ତି। କମିଶନରେଟ ପୋଲିସ ବିଭିନ୍ନ ସ୍ଥାନରେ ଚଢ଼ାଉ କରି ଅନେକଙ୍କୁ ଗିରଫ କରିଛି। ଗୁଣ୍ଡା ତାଲିକାରେ ଥିବା ବ୍ୟକ୍ତିଙ୍କ ଉପରେ କଡ଼ା ନଜର ରଖାଯାଇଛି।

କଟକ, ଅଫିସ, ୨୨।୨- ପୋଲିସର ଚଢ଼ାଉ ଅଭିଯାନ ଭୟରେ ସହରର କୁଖ୍ୟାତ କ୍ରିମିନାଲମାନେ ଆତ୍ମଗୋପନ କରିଛନ୍ତି। କମିଶନରେଟ ପୋଲିସ ବିଭିନ୍ନ ସ୍ଥାନରେ ଚଢ଼ାଉ କରି ଅନେକଙ୍କୁ ଗିରଫ କରିଛି। ଗୁଣ୍ଡା ତାଲିକାରେ ଥିବା ବ୍ୟକ୍ତିଙ୍କ ଉପରେ କଡ଼ା ନଜର ରଖାଯାଇଛି।

OFB
ଭାରତ ସରକାର, ପ୍ରତିରକ୍ଷା ମନ୍ତ୍ରଣାଳୟ
ଗୋଳାବାରୁଦ କାରଖାନା, ବଡ଼ମାଳ
ଜିଲ୍ଲା: ବଲାଙ୍ଗୀର (ଓଡ଼ିଶା), ପିନ: ୭୬୭୦୭୦
(ଟେଲିଫୋନ ନଂ.୦୬୬୫୨-୨୭୮୨୦୪ ଫ୍ୟାକ୍ସ ନଂ.୦୬୬୫୨-୨୭୮୨୦୪)
ଇମେଲ: mmofbol.ofb@ofb.gov.in
ବିଜ୍ଞାପନ
ନଂ: ଗୋଲାବାରୁଦ/ଓ୍ୱାର୍କସ/ଟେଣ୍ଡର	ତାରିଖ: ୦୮।୦୨।୨୦୧୬
ଟେଣ୍ଡର ଅନୁସନ୍ଧାନ ନଂ. ଓ ତାରିଖ	ସାମଗ୍ରୀ/ସେବାର ବିବରଣୀ	ପରିମାଣ	ଟେଣ୍ଡର ଉପଲବ୍ଧ ହେବାର ତାରିଖ	ଟେଣ୍ଡର ଖୋଲିବାର ତାରିଖ
୧୬୫୦୦୬୦୦	ନନ୍-ଫେରିକ୍ ଆଲମ୍	୫୦,୦୦୦ କିଲୋ	୦୮।୦୩।୨୦୧୬	୦୮।୦୩।୨୦୧୬ ଅପରାହ୍ନ ୨.୩୦
୧୬୫୦୦୬୦୧	ବିଭିନ୍ନ ଆକାରର ବୈଦ୍ୟୁତିକ ସୁରକ୍ଷା	୨ ପ୍ରକାରର ସାମଗ୍ରୀ	୦୮।୦୩।୨୦୧୬	୦୮।୦୩।୨୦୧୬ ଅପରାହ୍ନ ୨.୩୦
୧୬୫୦୦୬୦୨	ପାର୍କିଂ ଫେସ ନିବାରକ	୧୦୦ ରେଖ	୦୮।୦୩।୨୦୧୬	୦୮।୦୩।୨୦୧୬ ଅପରାହ୍ନ ୨.୩୦
davp 10201/11/2132/1516	www.tenders.gov.in	ସ୍ୱା.- ସାଧାରଣ ପରିଚାଳକ
ଓଡ଼ିଶା ଆଦର୍ଶ ବିଦ୍ୟାଳୟ, ଭୁବନେଶ୍ୱର
ଏନ-୧/୨, ନୟାପଲ୍ଲୀ, ଭୁବନେଶ୍ୱର-୭୫୧୦୦୬
ଫୋନ ନଂ - ୦୬୭୪-୨୩୬୭୭୨୦, ଇ-ମେଲ- mis.omsm@gmail.com
ବିଜ୍ଞାପନ
ଓଡ଼ିଶା ଆଦର୍ଶ ବିଦ୍ୟାଳୟ ସଂଗଠନ ଅଧୀନରେ ପରିଚାଳିତ ଆଦର୍ଶ ବିଦ୍ୟାଳୟଗୁଡ଼ିକରେ ୨୦୧୬-୧୭ ଶିକ୍ଷାବର୍ଷ ପାଇଁ ଷଷ୍ଠ ଶ୍ରେଣୀରେ ନାମଲେଖା ନିମନ୍ତେ ପ୍ରବେଶିକା ପରୀକ୍ଷା ଅନୁଷ୍ଠିତ ହେବ। ଆଗ୍ରହୀ ଛାତ୍ରଛାତ୍ରୀମାନେ ଅନଲାଇନ ମାଧ୍ୟମରେ ଆବେଦନ କରିପାରିବେ। ଆବେଦନ ପତ୍ର www.oavs.in ୱେବସାଇଟରୁ ଡାଉନଲୋଡ଼ କରାଯାଇପାରିବ। ଦିବା ଛାତ୍ର (Day Scholars) ଭାବେ ଅଧ୍ୟୟନ କରିବାକୁ ଇଚ୍ଛୁକ ଛାତ୍ରଛାତ୍ରୀମାନେ ମଧ୍ୟ ଆବେଦନ କରିପାରିବେ। ଅଧିକ ବିବରଣୀ ପାଇଁ ସମ୍ପୃକ୍ତ ବିଦ୍ୟାଳୟର ଅଧ୍ୟକ୍ଷଙ୍କ ସହ ଯୋଗାଯୋଗ କରନ୍ତୁ।
ସ୍ୱା.- (ଶ୍ରୀ ଭାରାଚାର ଷାରସ୍ତ)
27029/11/0003/1516	ରାଜ୍ୟ ପ୍ରକଳ୍ପ ନିର୍ଦ୍ଦେଶକ, ଓଡ଼ିଶା ଆଦର୍ଶ ବିଦ୍ୟାଳୟ
C M K
C M K
C M K
C M K
C M K
C M K

5
